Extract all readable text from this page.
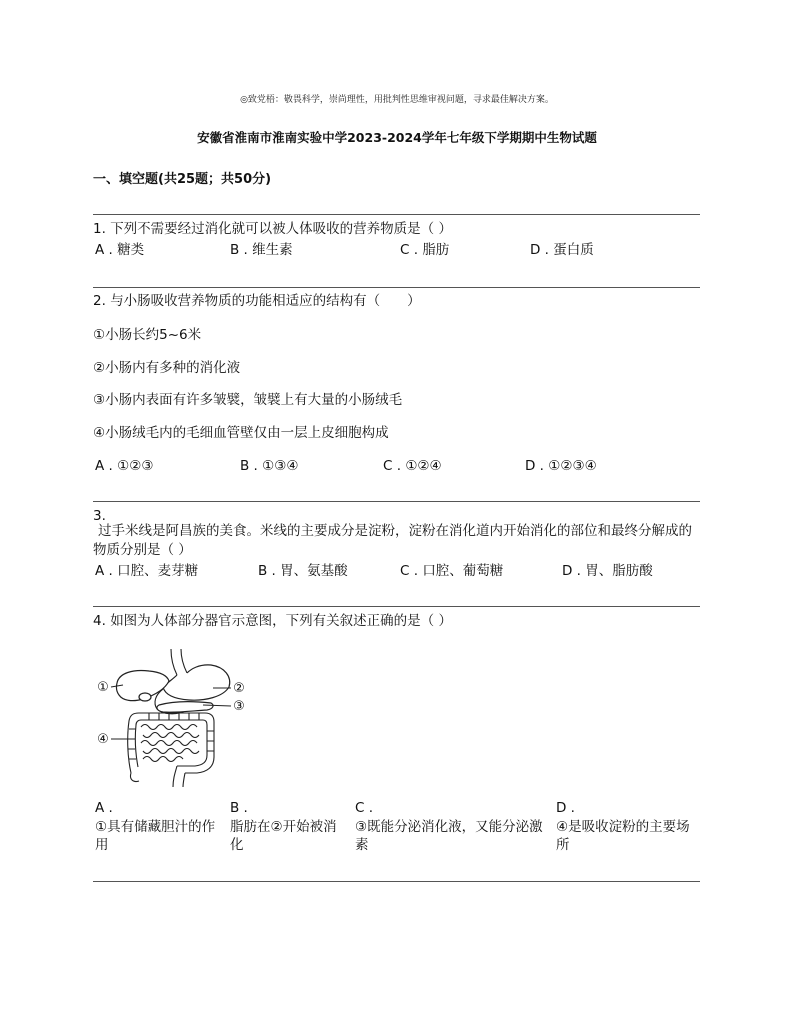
◎致党梧：敬畏科学，崇尚理性，用批判性思维审视问题，寻求最佳解决方案。
安徽省淮南市淮南实验中学2023-2024学年七年级下学期期中生物试题
一、填空题(共25题；共50分)
1. 下列不需要经过消化就可以被人体吸收的营养物质是（ ）
A . 糖类	B . 维生素	C . 脂肪	D . 蛋白质
2. 与小肠吸收营养物质的功能相适应的结构有（　　）
①小肠长约5~6米
②小肠内有多种的消化液
③小肠内表面有许多皱襞，皱襞上有大量的小肠绒毛
④小肠绒毛内的毛细血管壁仅由一层上皮细胞构成
A . ①②③	B . ①③④	C . ①②④	D . ①②③④
3.
过手米线是阿昌族的美食。米线的主要成分是淀粉，淀粉在消化道内开始消化的部位和最终分解成的
物质分别是（ ）
A . 口腔、麦芽糖	B . 胃、氨基酸	C . 口腔、葡萄糖	D . 胃、脂肪酸
4. 如图为人体部分器官示意图，下列有关叙述正确的是（ ）
①	②
③
④
A .
①具有储藏胆汁的作
用
B .
脂肪在②开始被消
化
C .
③既能分泌消化液，又能分泌激
素
D .
④是吸收淀粉的主要场
所
